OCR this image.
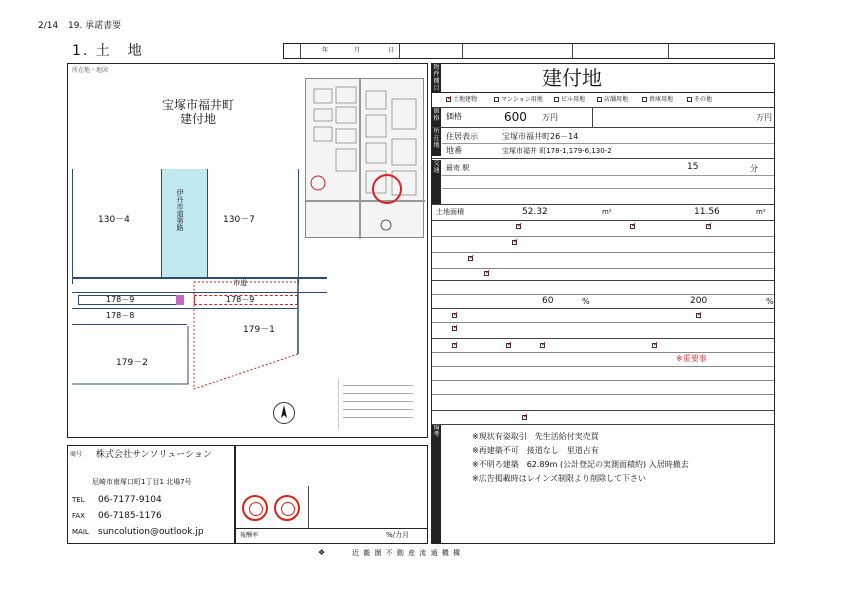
2/14 19. 承諾書要
1. 土　地	年	月	日
所在地・地図
宝塚市福井町
建付地
伊丹市道第路
130－4	130－7
市道
178－9	178－9
178－8
179－1
179－2
商号 株式会社サンソリューション
尼崎市南塚口町1丁目1 北場7号
TEL 06-7177-9104
FAX 06-7185-1176
MAIL suncolution@outlook.jp	報酬率	%/力月
物件種目
価格
所在地
交通
備考
建付地
✓
土地建物	マンション用地	ビル用地	店舗用地	倉庫用地	その他
価格	600 万円	万円
住居表示	宝塚市福井町26－14
地番	宝塚市福井 町178-1,179-6,130-2
最寄 駅	15	分
土地面積	52.32	m²	11.56	m²
✓
✓
✓
✓
✓
✓
60	%	200	%
✓
✓
✓
✓
✓
✓
✓
※重要事
✓
※現状有姿取引　先生活給付実売買
※再建築不可　接道なし　里道占有
※不明ろ建築　62.89m (公計登記の実測面積約) 入居時撤去
※広告掲載時はレインズ制限より削除して下さい
❖	近 畿 圏 不 動 産 流 通 機 構
